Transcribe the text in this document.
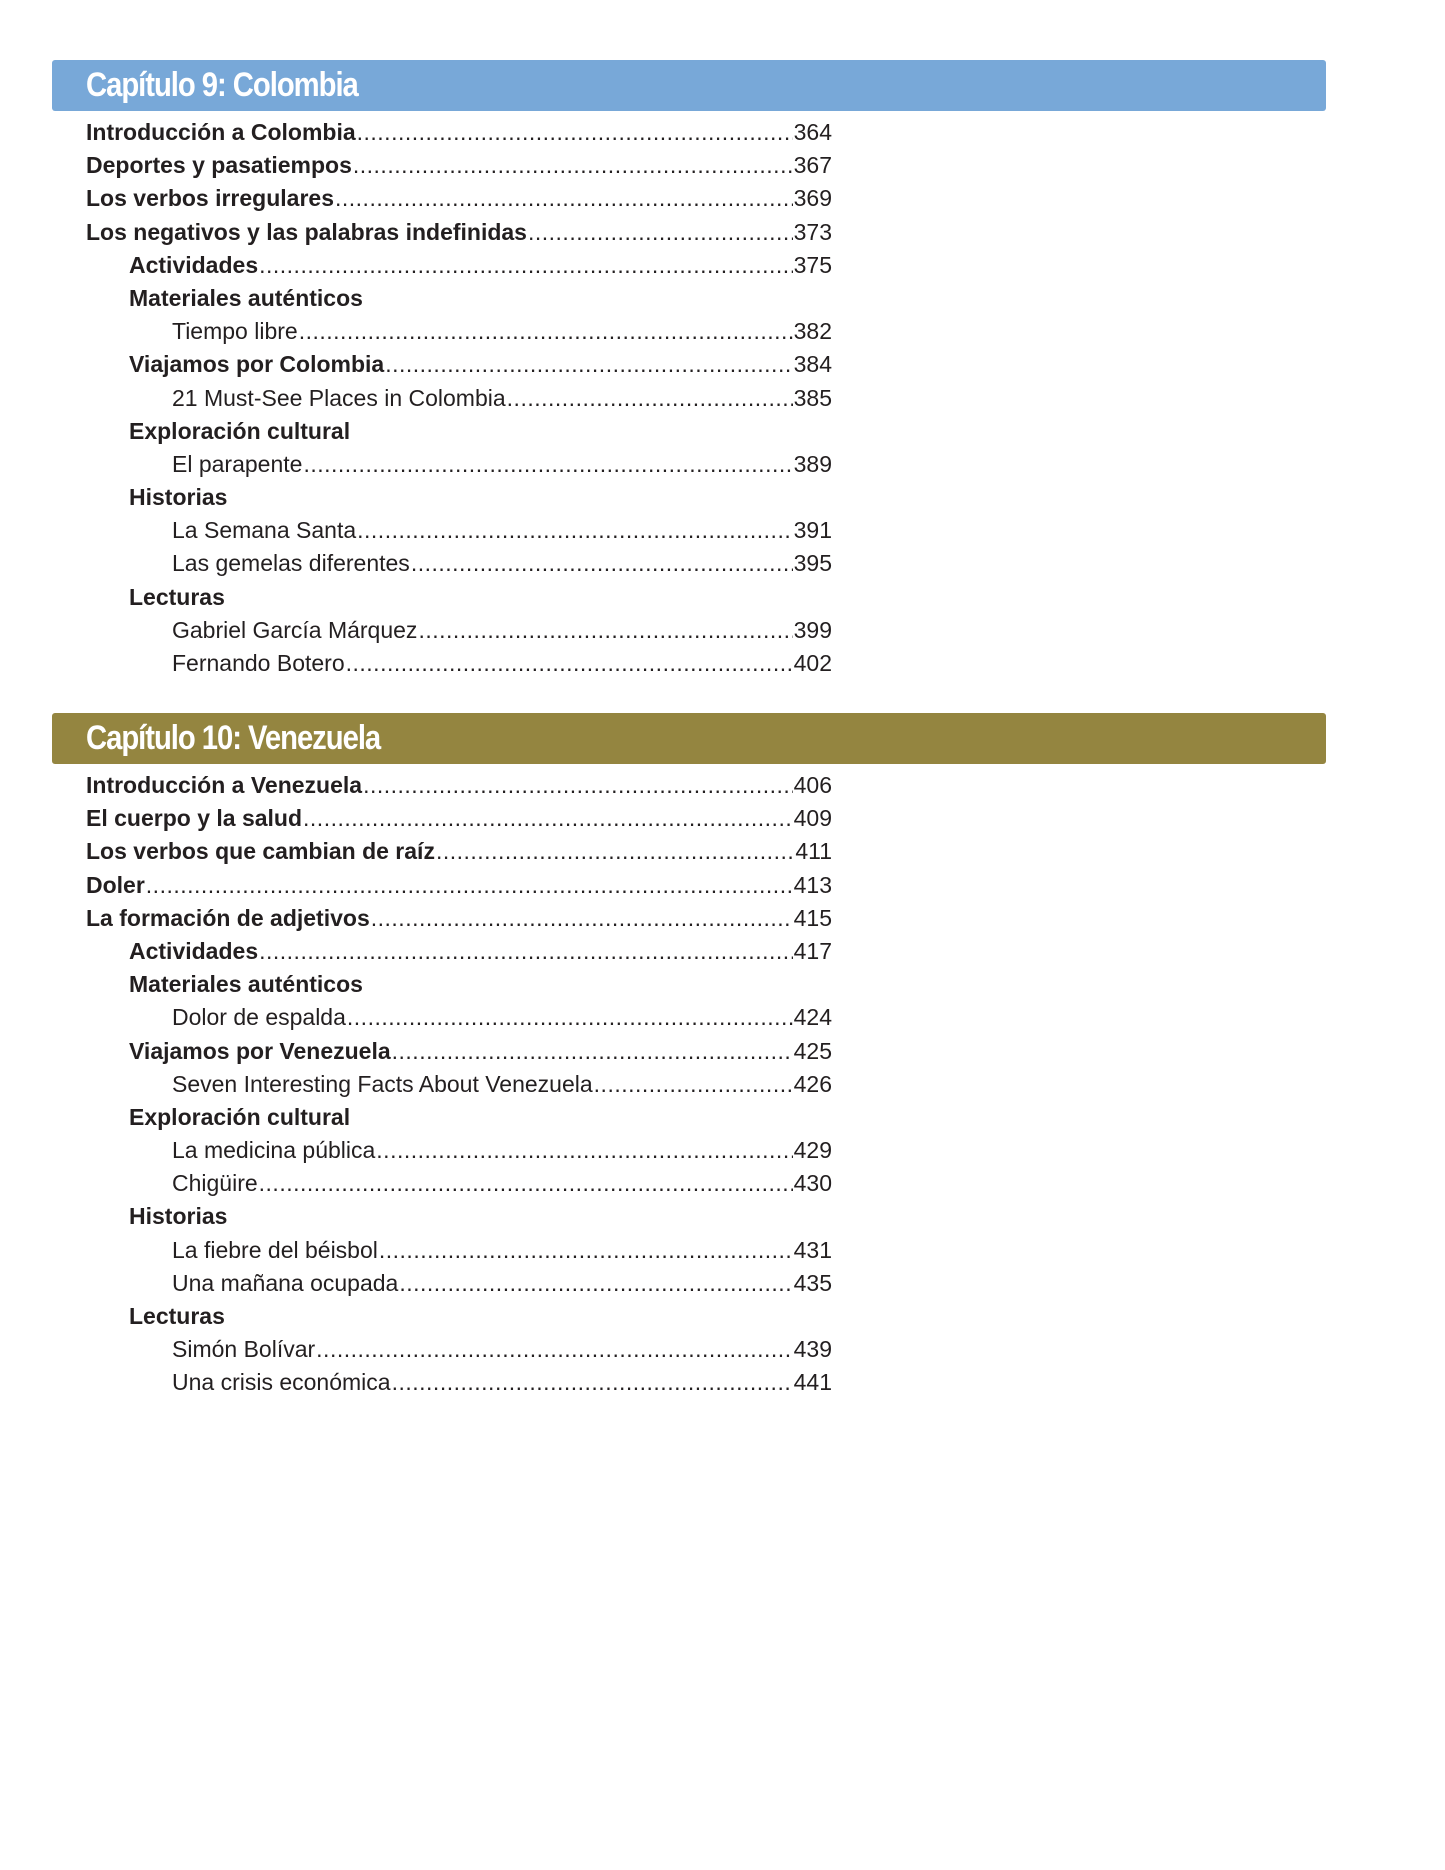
Capítulo 9: Colombia
Introducción a Colombia .....	364
Deportes y pasatiempos .....	367
Los verbos irregulares .....	369
Los negativos y las palabras indefinidas .....	373
Actividades .....	375
Materiales auténticos
Tiempo libre .....	382
Viajamos por Colombia .....	384
21 Must-See Places in Colombia .....	385
Exploración cultural
El parapente .....	389
Historias
La Semana Santa .....	391
Las gemelas diferentes .....	395
Lecturas
Gabriel García Márquez .....	399
Fernando Botero .....	402
Capítulo 10: Venezuela
Introducción a Venezuela .....	406
El cuerpo y la salud .....	409
Los verbos que cambian de raíz .....	411
Doler .....	413
La formación de adjetivos .....	415
Actividades .....	417
Materiales auténticos
Dolor de espalda .....	424
Viajamos por Venezuela .....	425
Seven Interesting Facts About Venezuela .....	426
Exploración cultural
La medicina pública .....	429
Chigüire .....	430
Historias
La fiebre del béisbol .....	431
Una mañana ocupada .....	435
Lecturas
Simón Bolívar .....	439
Una crisis económica .....	441
